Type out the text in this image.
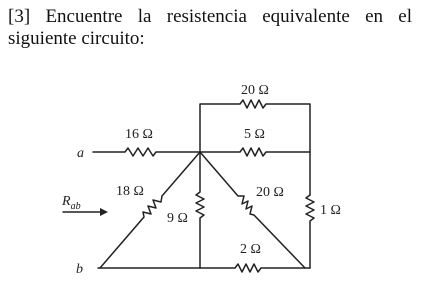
[3] Encuentre la resistencia equivalente en el siguiente circuito:
a
b
$R_{ab}$
16 Ω
20 Ω
5 Ω
18 Ω
9 Ω
20 Ω
1 Ω
2 Ω
